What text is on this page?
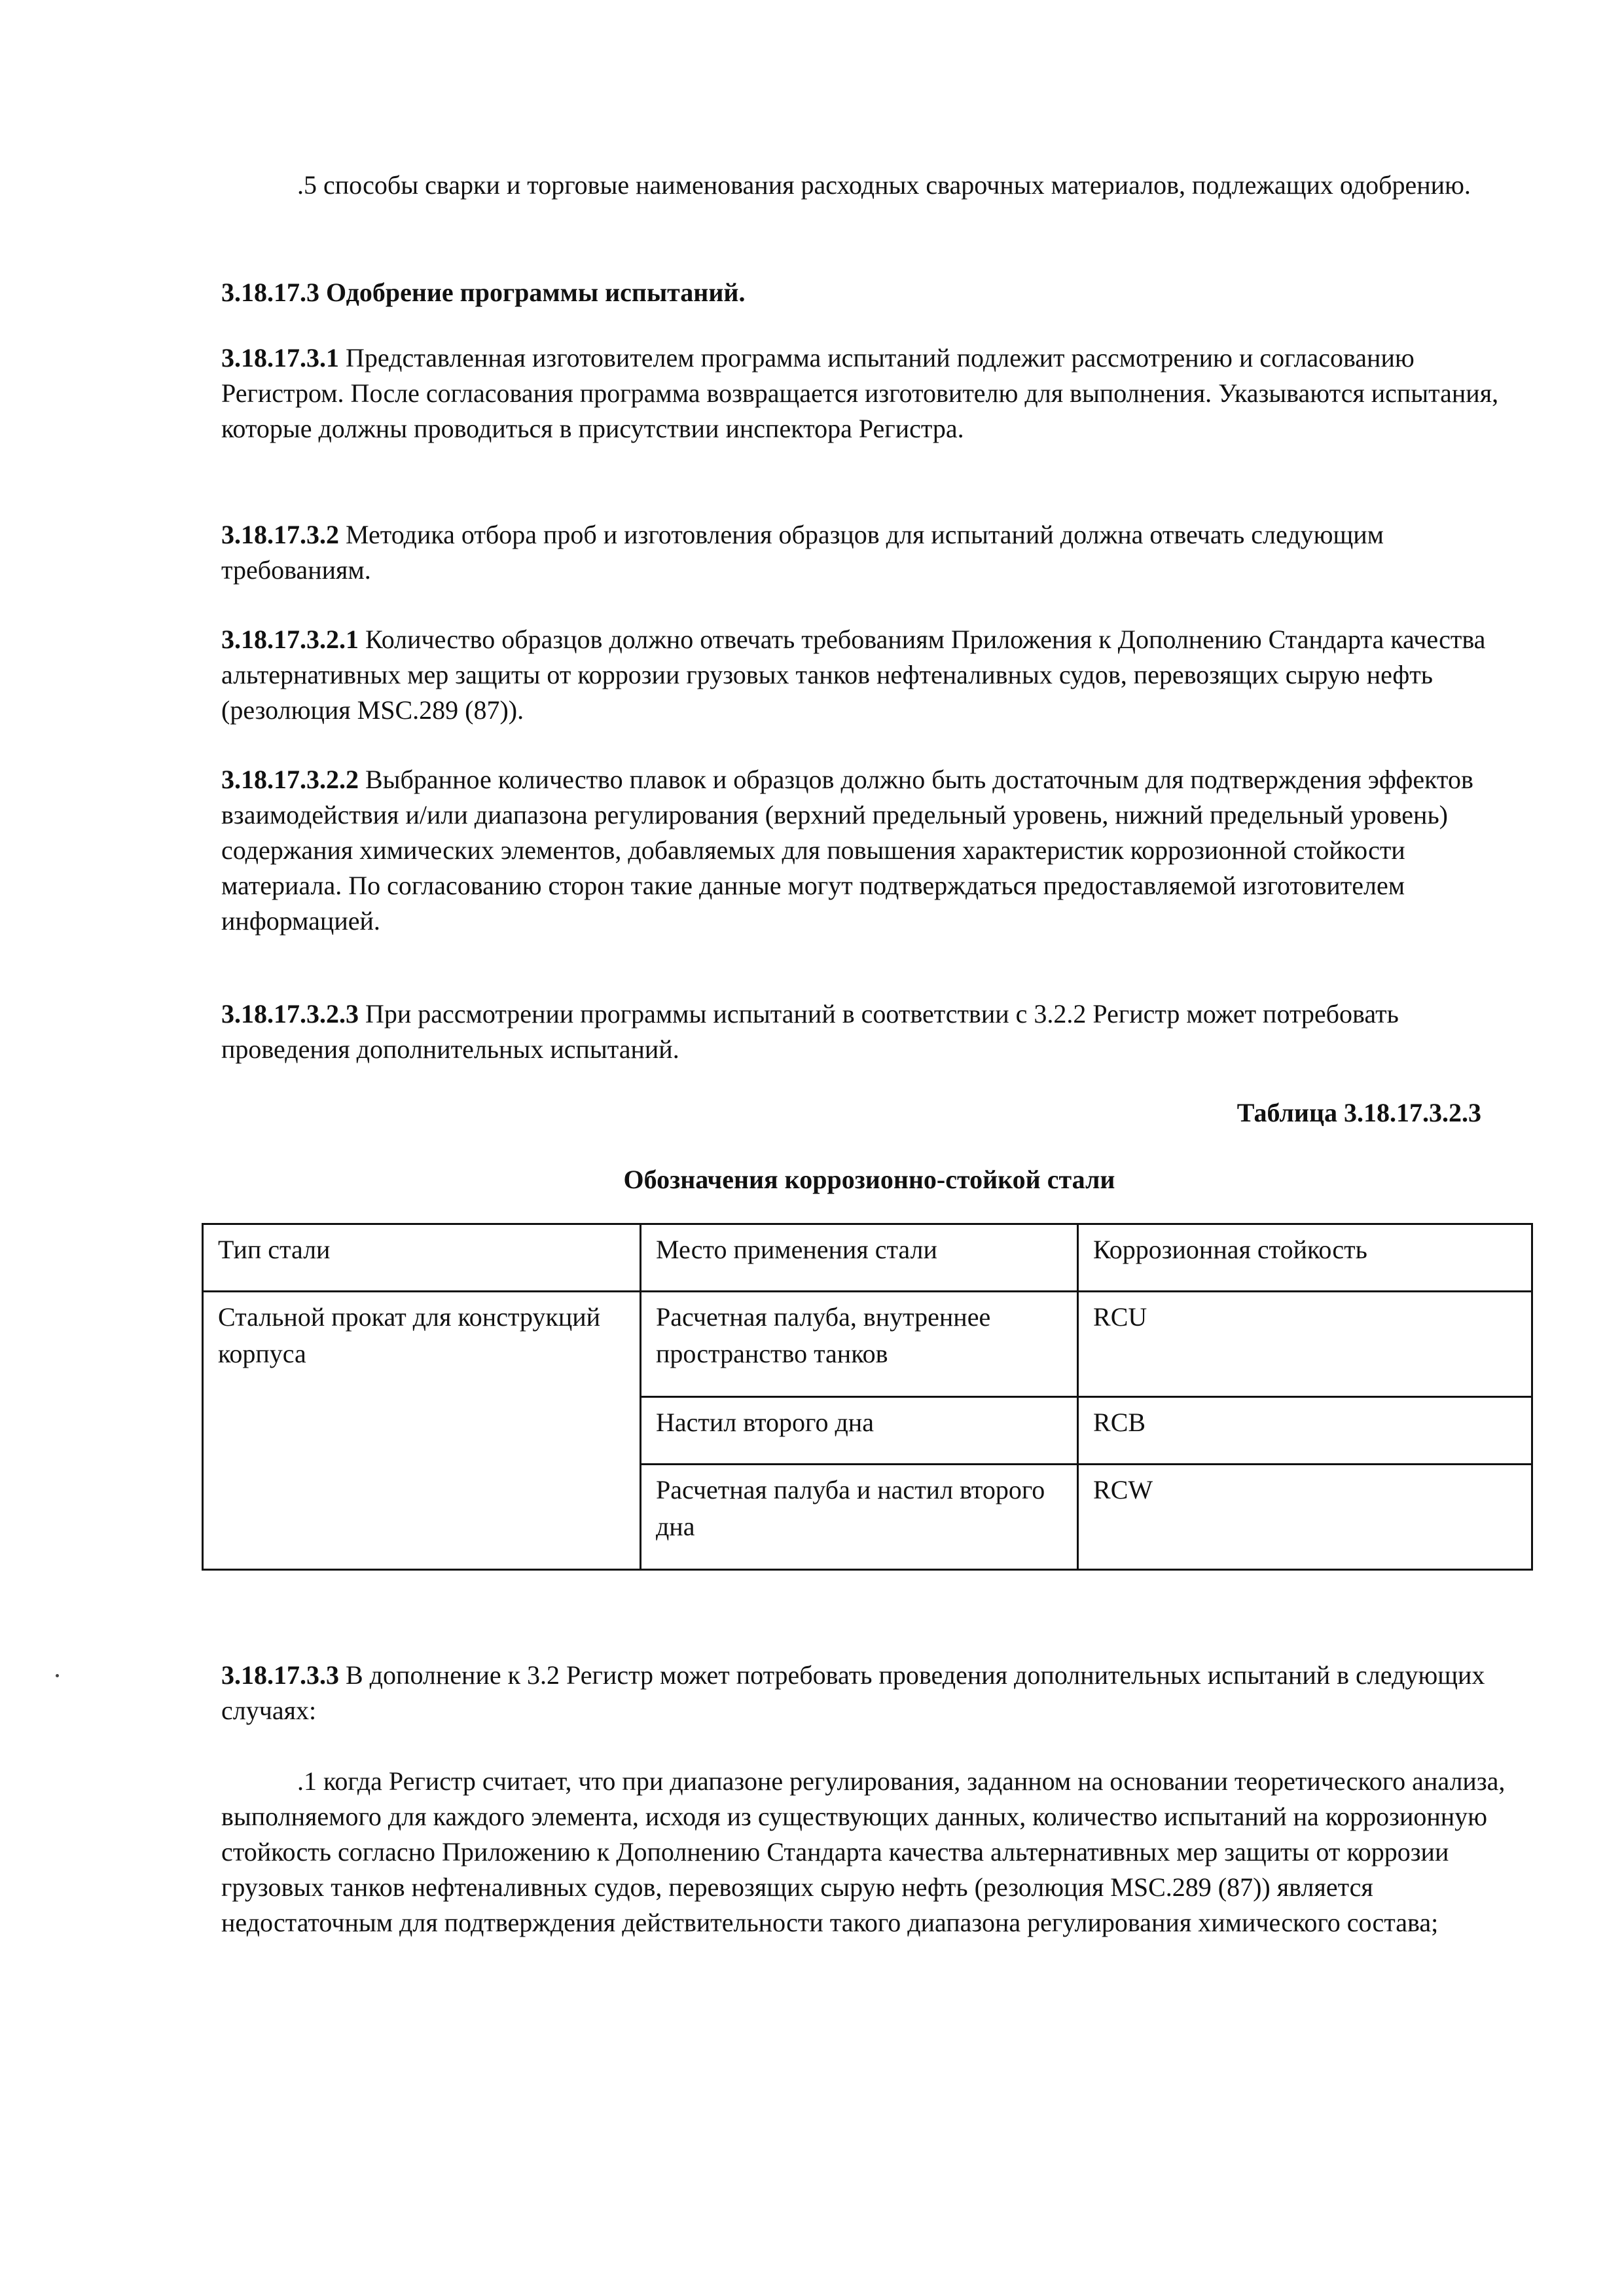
.5 способы сварки и торговые наименования расходных сварочных материалов, подлежащих одобрению.

3.18.17.3 Одобрение программы испытаний.

3.18.17.3.1 Представленная изготовителем программа испытаний подлежит рассмотрению и согласованию Регистром. После согласования программа возвращается изготовителю для выполнения. Указываются испытания, которые должны проводиться в присутствии инспектора Регистра.

3.18.17.3.2 Методика отбора проб и изготовления образцов для испытаний должна отвечать следующим требованиям.

3.18.17.3.2.1 Количество образцов должно отвечать требованиям Приложения к Дополнению Стандарта качества альтернативных мер защиты от коррозии грузовых танков нефтеналивных судов, перевозящих сырую нефть (резолюция MSC.289 (87)).

3.18.17.3.2.2 Выбранное количество плавок и образцов должно быть достаточным для подтверждения эффектов взаимодействия и/или диапазона регулирования (верхний предельный уровень, нижний предельный уровень) содержания химических элементов, добавляемых для повышения характеристик коррозионной стойкости материала. По согласованию сторон такие данные могут подтверждаться предоставляемой изготовителем информацией.

3.18.17.3.2.3 При рассмотрении программы испытаний в соответствии с 3.2.2 Регистр может потребовать проведения дополнительных испытаний.

Таблица 3.18.17.3.2.3

Обозначения коррозионно-стойкой стали

Тип стали	Место применения стали	Коррозионная стойкость
Стальной прокат для конструкций корпуса	Расчетная палуба, внутреннее пространство танков	RCU
	Настил второго дна	RCB
	Расчетная палуба и настил второго дна	RCW

3.18.17.3.3 В дополнение к 3.2 Регистр может потребовать проведения дополнительных испытаний в следующих случаях:

.1 когда Регистр считает, что при диапазоне регулирования, заданном на основании теоретического анализа, выполняемого для каждого элемента, исходя из существующих данных, количество испытаний на коррозионную стойкость согласно Приложению к Дополнению Стандарта качества альтернативных мер защиты от коррозии грузовых танков нефтеналивных судов, перевозящих сырую нефть (резолюция MSC.289 (87)) является недостаточным для подтверждения действительности такого диапазона регулирования химического состава;
